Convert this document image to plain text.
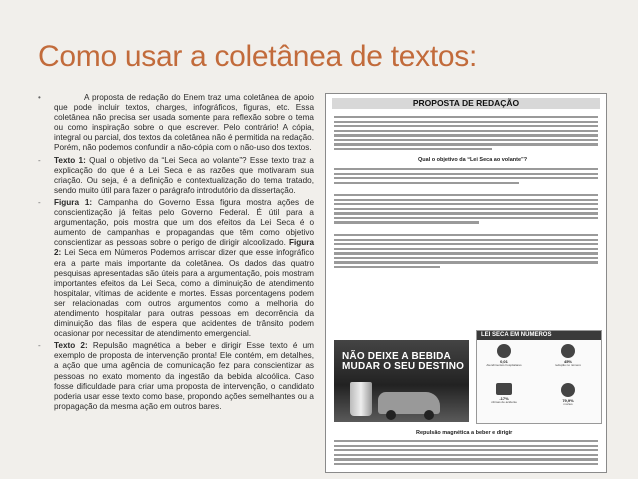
Como usar a coletânea de textos:
•	A proposta de redação do Enem traz uma coletânea de apoio que pode incluir textos, charges, infográficos, figuras, etc. Essa coletânea não precisa ser usada somente para reflexão sobre o tema ou como inspiração sobre o que escrever. Pelo contrário! A cópia, integral ou parcial, dos textos da coletânea não é permitida na redação. Porém, não podemos confundir a não-cópia com o não-uso dos textos.

- Texto 1: Qual o objetivo da “Lei Seca ao volante”? Esse texto traz a explicação do que é a Lei Seca e as razões que motivaram sua criação. Ou seja, é a definição e contextualização do tema tratado, sendo muito útil para fazer o parágrafo introdutório da dissertação.

- Figura 1: Campanha do Governo Essa figura mostra ações de conscientização já feitas pelo Governo Federal. É útil para a argumentação, pois mostra que um dos efeitos da Lei Seca é o aumento de campanhas e propagandas que têm como objetivo conscientizar as pessoas sobre o perigo de dirigir alcoolizado. Figura 2: Lei Seca em Números Podemos arriscar dizer que esse infográfico era a parte mais importante da coletânea. Os dados das quatro pesquisas apresentadas são úteis para a argumentação, pois mostram importantes efeitos da Lei Seca, como a diminuição de atendimento hospitalar, vítimas de acidente e mortes. Essas porcentagens podem ser relacionadas com outros argumentos como a melhoria do atendimento hospitalar para outras pessoas em decorrência da diminuição das filas de espera que acidentes de trânsito podem ocasionar por necessitar de atendimento emergencial.

- Texto 2: Repulsão magnética a beber e dirigir Esse texto é um exemplo de proposta de intervenção pronta! Ele contém, em detalhes, a ação que uma agência de comunicação fez para conscientizar as pessoas no exato momento da ingestão da bebida alcoólica. Caso fosse dificuldade para criar uma proposta de intervenção, o candidato poderia usar esse texto como base, propondo ações semelhantes ou a propagação da mesma ação em outros bares.

PROPOSTA DE REDAÇÃO
Qual o objetivo da “Lei Seca ao volante”?
NÃO DEIXE A BEBIDA
MUDAR O SEU DESTINO
LEI SECA EM NÚMEROS
0,01
Atendimentos hospitalares
45%
redução no número
-17%
vítimas de acidente	79,9%
mortes
Repulsão magnética a beber e dirigir
